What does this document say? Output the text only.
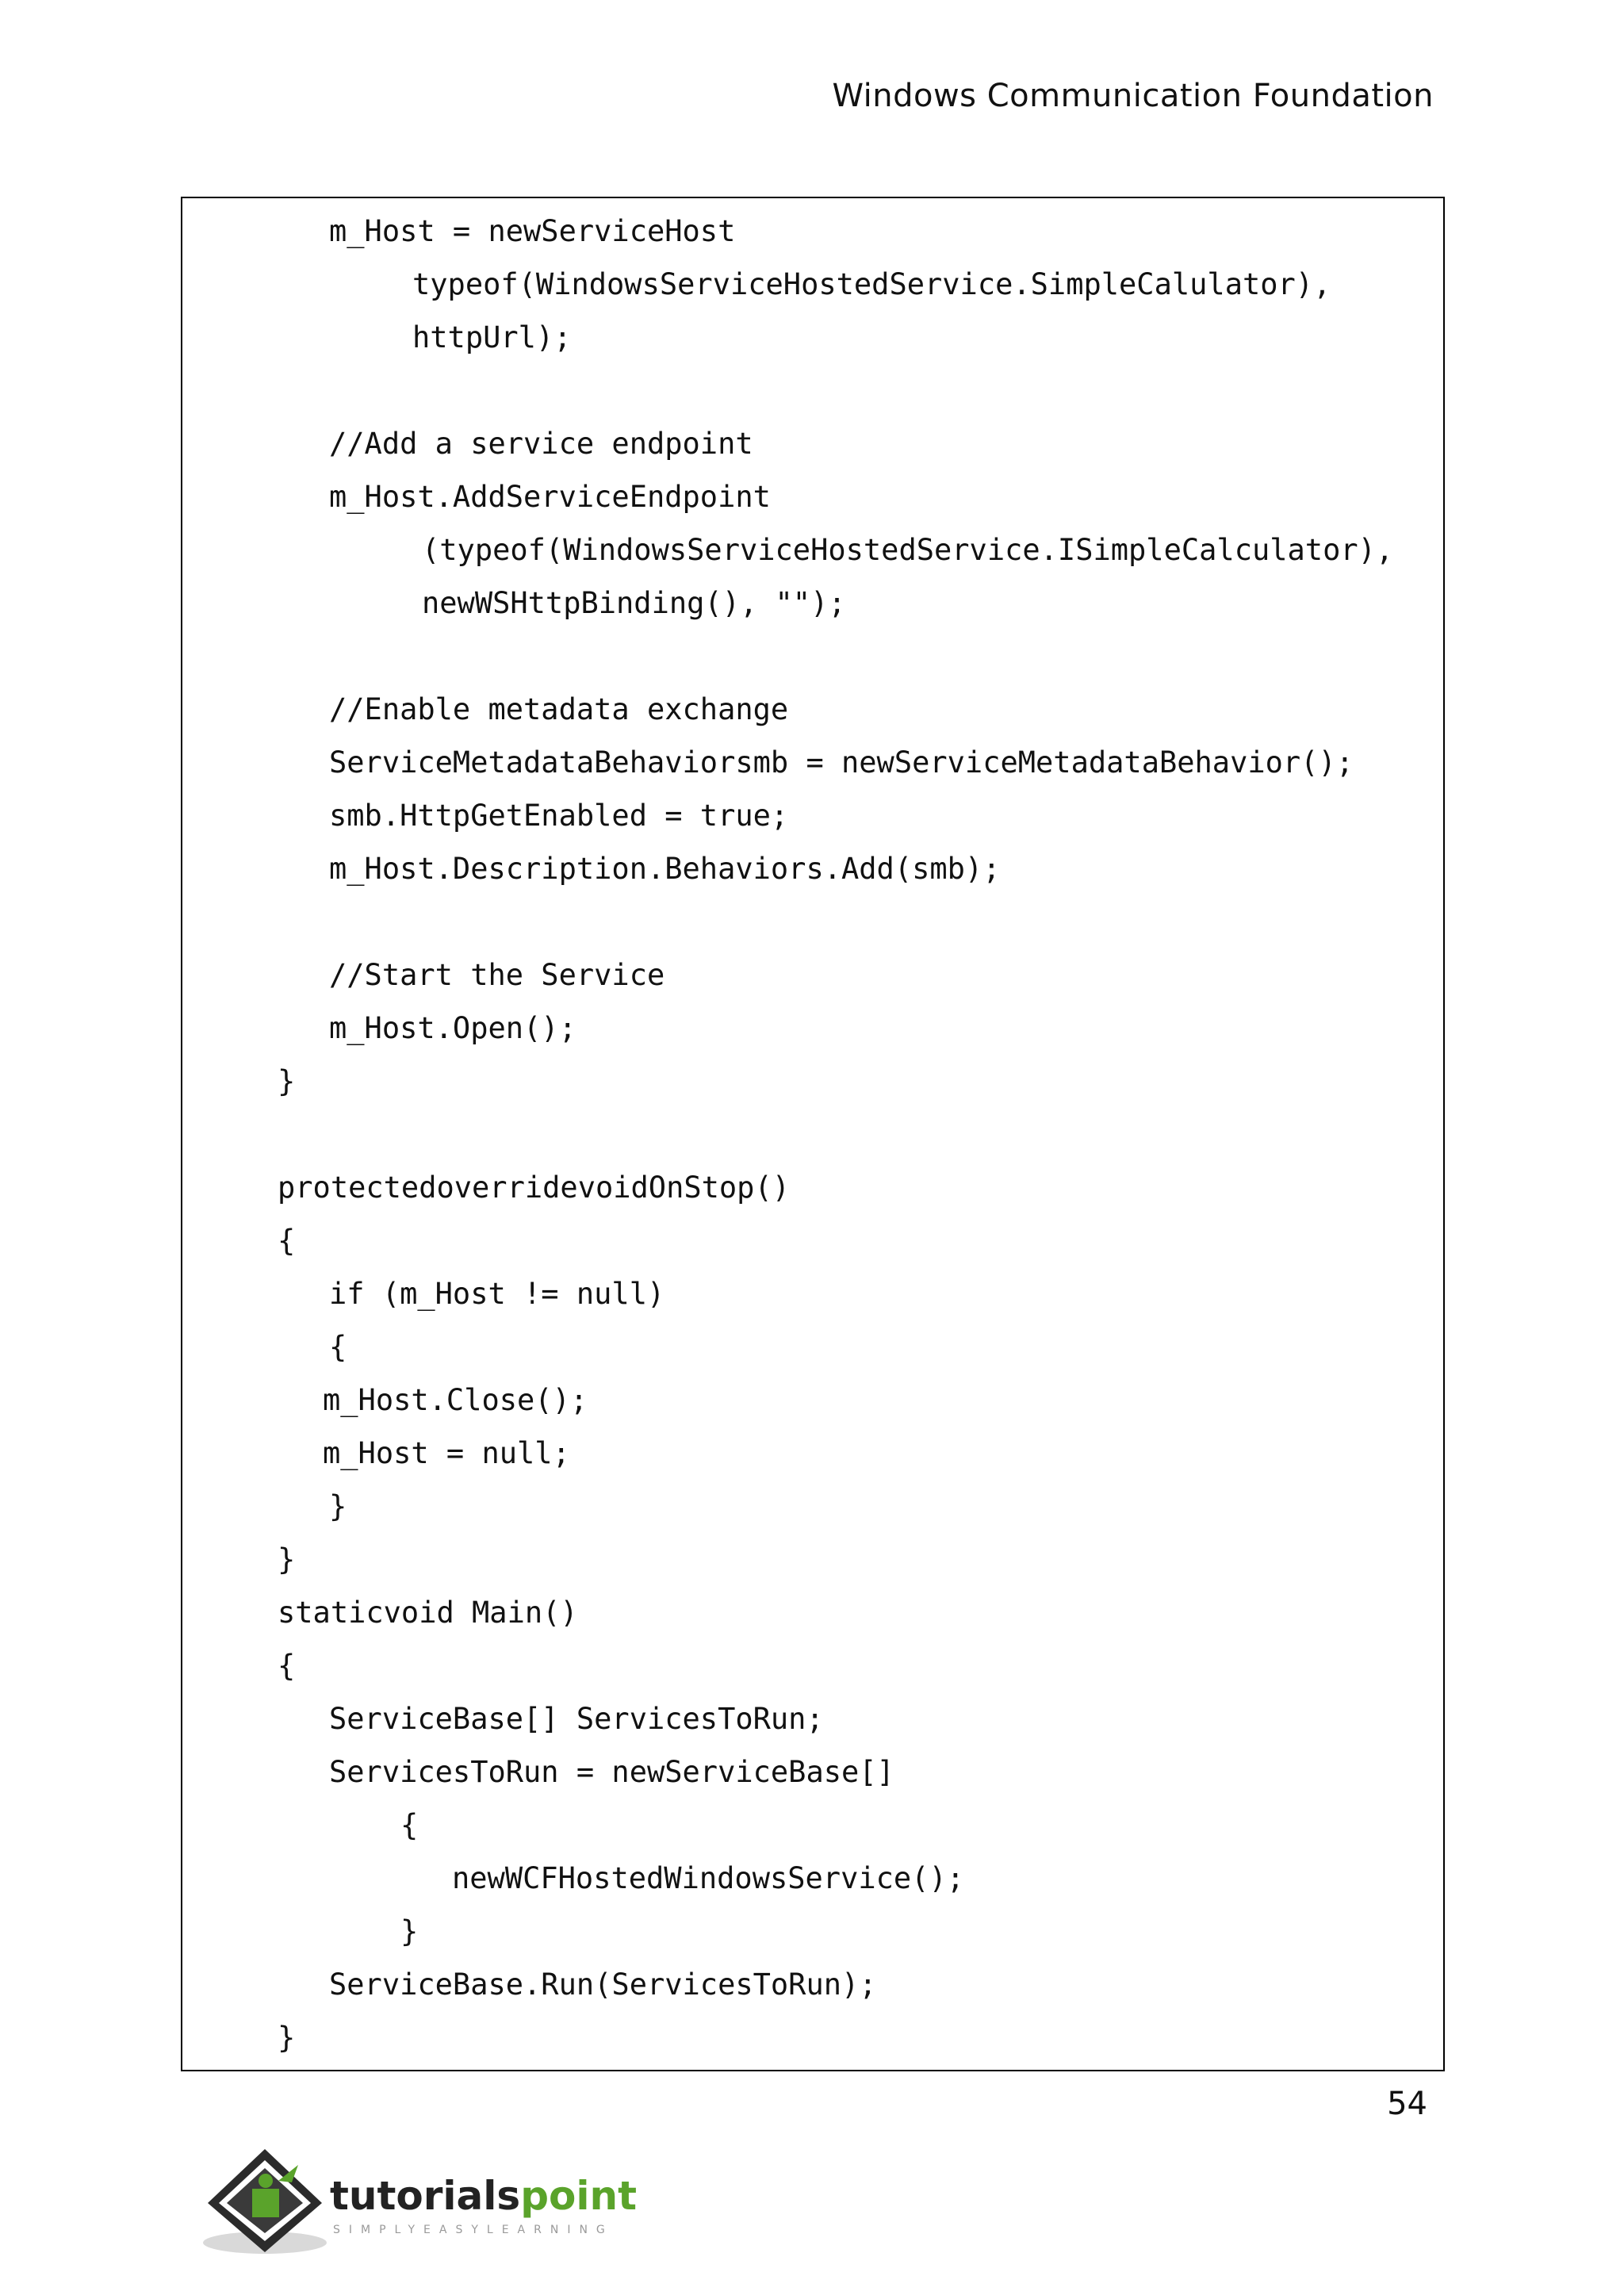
Windows Communication Foundation
m_Host = newServiceHost
typeof(WindowsServiceHostedService.SimpleCalulator),
httpUrl);
//Add a service endpoint
m_Host.AddServiceEndpoint
(typeof(WindowsServiceHostedService.ISimpleCalculator),
newWSHttpBinding(), "");
//Enable metadata exchange
ServiceMetadataBehaviorsmb = newServiceMetadataBehavior();
smb.HttpGetEnabled = true;
m_Host.Description.Behaviors.Add(smb);
//Start the Service
m_Host.Open();
}
protectedoverridevoidOnStop()
{
if (m_Host != null)
{
m_Host.Close();
m_Host = null;
}
}
staticvoid Main()
{
ServiceBase[] ServicesToRun;
ServicesToRun = newServiceBase[]
{
newWCFHostedWindowsService();
}
ServiceBase.Run(ServicesToRun);
}
54
tutorialspoint
SIMPLYEASYLEARNING
